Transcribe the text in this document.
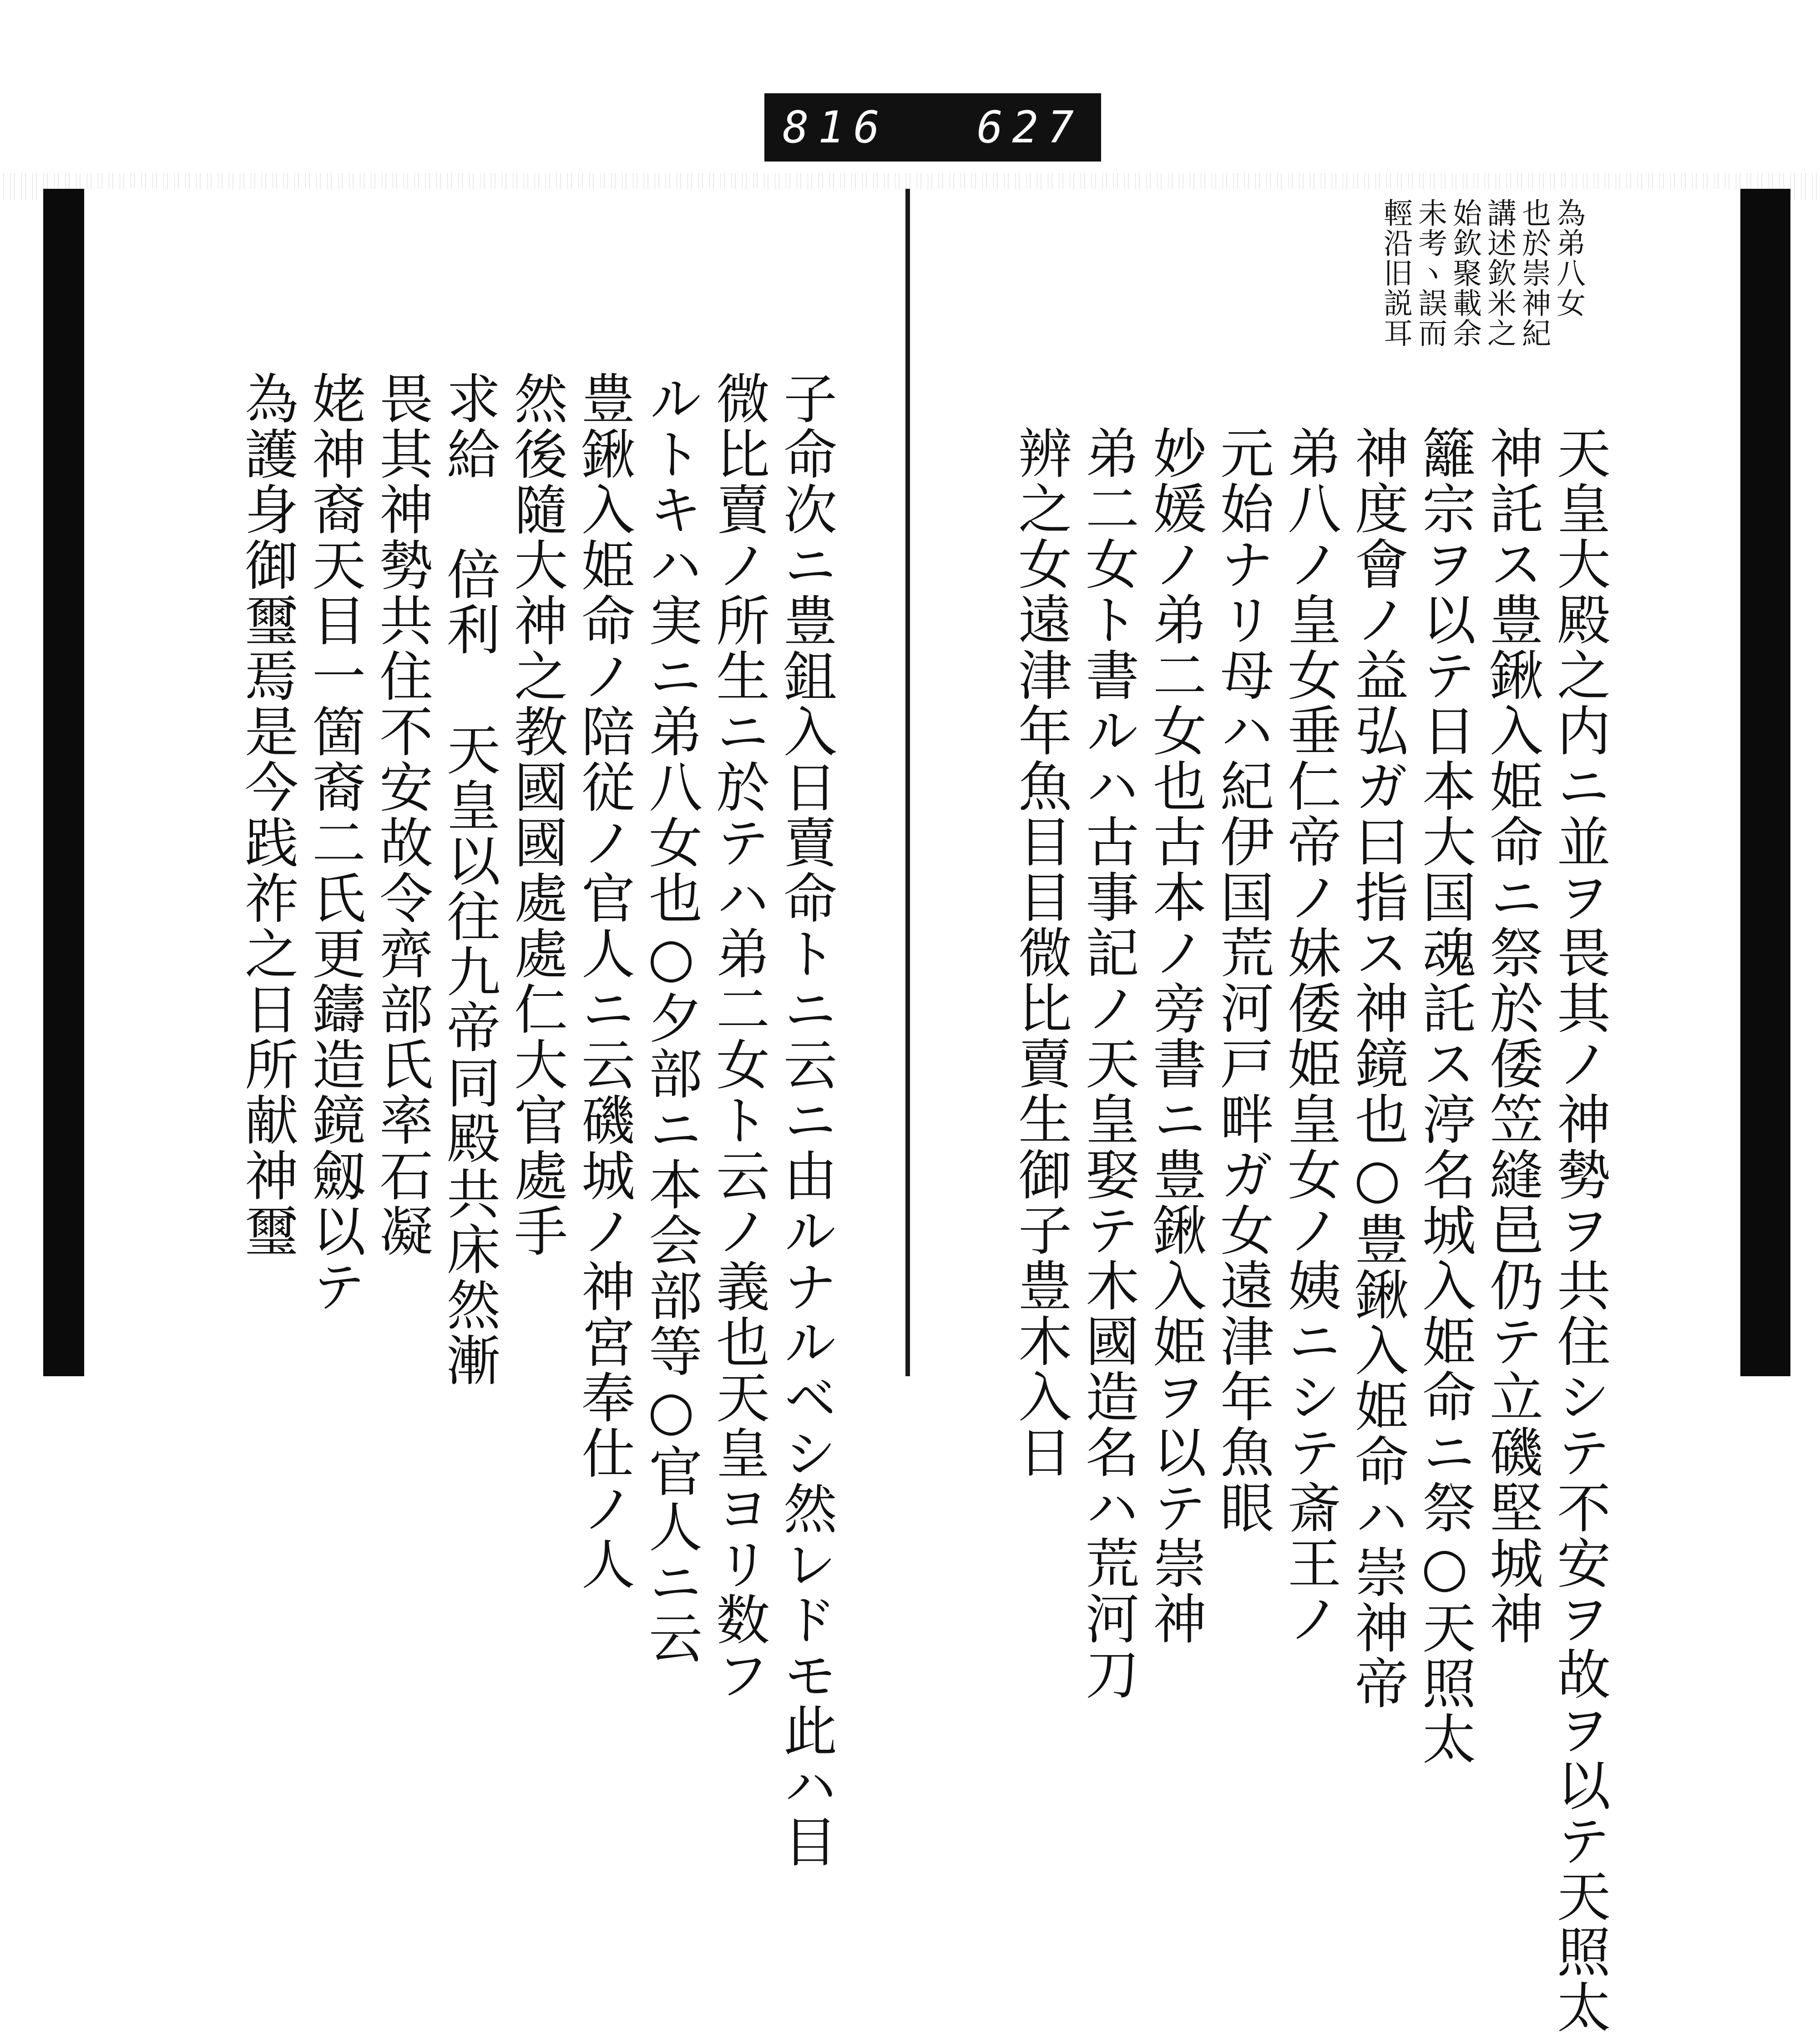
816 627
子命次ニ豊鉏入日賣命トニ云ニ由ルナルベシ然レドモ此ハ目
微比賣ノ所生ニ於テハ弟二女ト云ノ義也天皇ヨリ数フ
ルトキハ実ニ弟八女也○夕部ニ本会部等○官人ニ云
豊鍬入姫命ノ陪従ノ官人ニ云磯城ノ神宮奉仕ノ人
然後隨大神之教國國處處仁大官處手
求給 倍利 天皇以往九帝同殿共床然漸
畏其神勢共住不安故令齊部氏率石凝
姥神裔天目一箇裔二氏更鑄造鏡劔以テ
為護身御璽焉是今践祚之日所献神璽
為弟八女
也於崇神紀
講述欽米之
始欽聚載余
未考ヽ誤而
輕沿旧説耳
天皇大殿之内ニ並ヲ畏其ノ神勢ヲ共住シテ不安ヲ故ヲ以テ天照太
神託ス豊鍬入姫命ニ祭於倭笠縫邑仍テ立磯堅城神
籬宗ヲ以テ日本大国魂託ス渟名城入姫命ニ祭○天照太
神度會ノ益弘ガ曰指ス神鏡也○豊鍬入姫命ハ崇神帝
弟八ノ皇女垂仁帝ノ妹倭姫皇女ノ姨ニシテ斎王ノ
元始ナリ母ハ紀伊国荒河戸畔ガ女遠津年魚眼
妙媛ノ弟二女也古本ノ旁書ニ豊鍬入姫ヲ以テ崇神
弟二女ト書ルハ古事記ノ天皇娶テ木國造名ハ荒河刀
辨之女遠津年魚目目微比賣生御子豊木入日
